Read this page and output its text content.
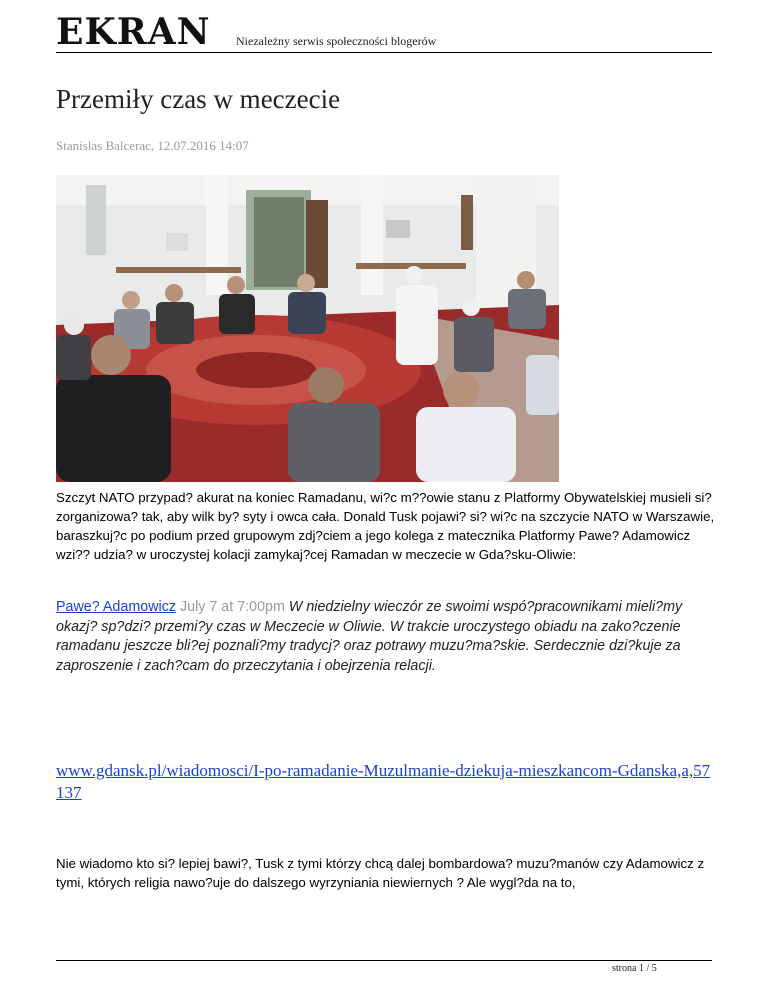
EKRAN Niezależny serwis społeczności blogerów
Przemiły czas w meczecie
Stanislas Balcerac, 12.07.2016 14:07

Szczyt NATO przypad? akurat na koniec Ramadanu, wi?c m??owie stanu z Platformy Obywatelskiej musieli si? zorganizowa? tak, aby wilk by? syty i owca cała. Donald Tusk pojawi? si? wi?c na szczycie NATO w Warszawie, baraszkuj?c po podium przed grupowym zdj?ciem a jego kolega z matecznika Platformy Pawe? Adamowicz wzi?? udzia? w uroczystej kolacji zamykaj?cej Ramadan w meczecie w Gda?sku-Oliwie:

Pawe? Adamowicz July 7 at 7:00pm W niedzielny wieczór ze swoimi wspó?pracownikami mieli?my okazj? sp?dzi? przemi?y czas w Meczecie w Oliwie. W trakcie uroczystego obiadu na zako?czenie ramadanu jeszcze bli?ej poznali?my tradycj? oraz potrawy muzu?ma?skie. Serdecznie dzi?kuje za zaproszenie i zach?cam do przeczytania i obejrzenia relacji.

www.gdansk.pl/wiadomosci/I-po-ramadanie-Muzulmanie-dziekuja-mieszkancom-Gdanska,a,57137

Nie wiadomo kto si? lepiej bawi?, Tusk z tymi którzy chcą dalej bombardowa? muzu?manów czy Adamowicz z tymi, których religia nawo?uje do dalszego wyrzyniania niewiernych ? Ale wygl?da na to,

strona 1 / 5
